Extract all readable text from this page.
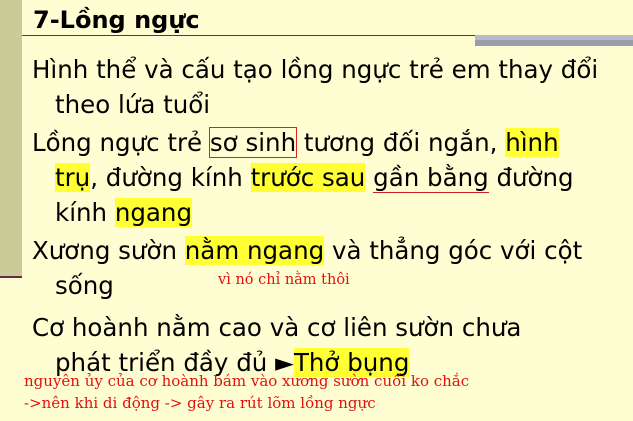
7-Lồng ngực

Hình thể và cấu tạo lồng ngực trẻ em thay đổi
theo lứa tuổi

Lồng ngực trẻ sơ sinh tương đối ngắn, hình
trụ, đường kính trước sau gần bằng đường
kính ngang

Xương sườn nằm ngang và thẳng góc với cột
sống

Cơ hoành nằm cao và cơ liên sườn chưa
phát triển đầy đủ ►Thở bụng

vì nó chỉ nằm thôi

nguyên ủy của cơ hoành bám vào xương sườn cuối ko chắc

->nên khi di động -> gây ra rút lõm lồng ngực
